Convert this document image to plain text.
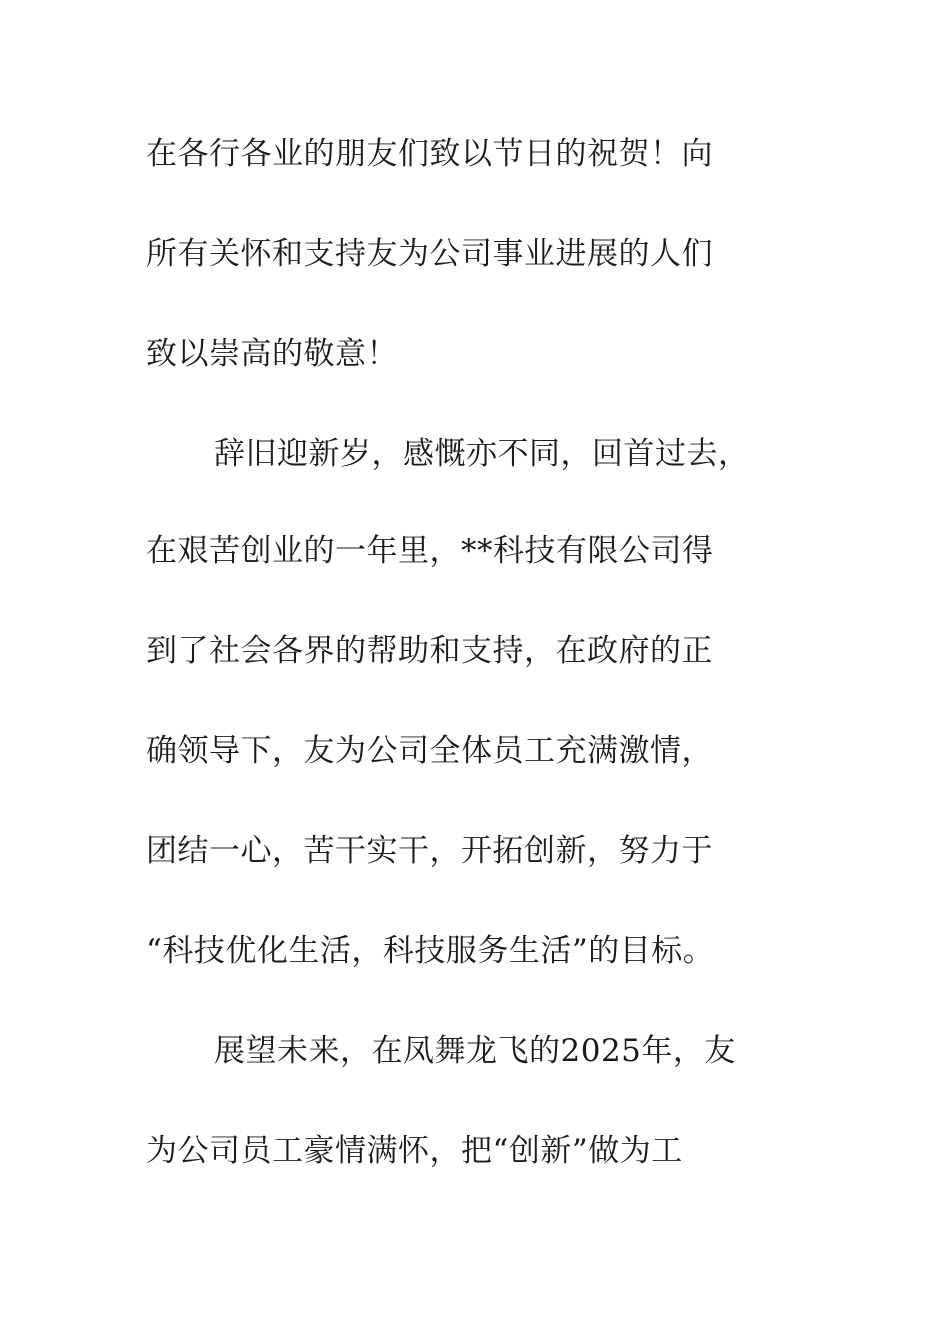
在各行各业的朋友们致以节日的祝贺！向
所有关怀和支持友为公司事业进展的人们
致以崇高的敬意！
辞旧迎新岁，感慨亦不同，回首过去，
在艰苦创业的一年里，**科技有限公司得
到了社会各界的帮助和支持，在政府的正
确领导下，友为公司全体员工充满激情，
团结一心，苦干实干，开拓创新，努力于
“科技优化生活，科技服务生活”的目标。
展望未来，在凤舞龙飞的2025年，友
为公司员工豪情满怀，把“创新”做为工
